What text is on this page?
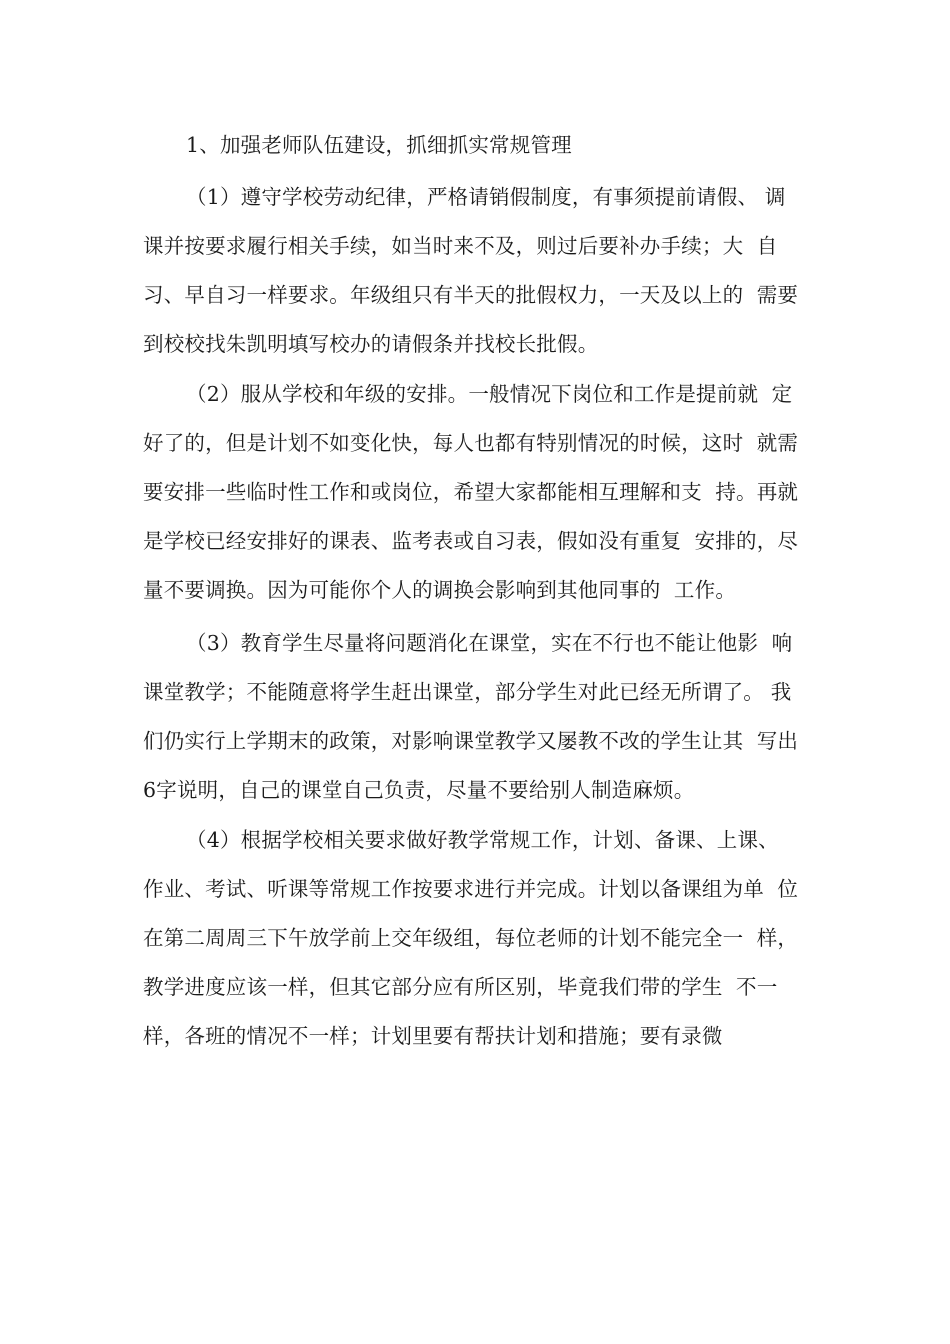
1、加强老师队伍建设，抓细抓实常规管理
（1）遵守学校劳动纪律，严格请销假制度，有事须提前请假、 调
课并按要求履行相关手续，如当时来不及，则过后要补办手续；大  自
习、早自习一样要求。年级组只有半天的批假权力，一天及以上的  需要
到校校找朱凯明填写校办的请假条并找校长批假。
（2）服从学校和年级的安排。一般情况下岗位和工作是提前就  定
好了的，但是计划不如变化快，每人也都有特别情况的时候，这时  就需
要安排一些临时性工作和或岗位，希望大家都能相互理解和支  持。再就
是学校已经安排好的课表、监考表或自习表，假如没有重复  安排的，尽
量不要调换。因为可能你个人的调换会影响到其他同事的  工作。
（3）教育学生尽量将问题消化在课堂，实在不行也不能让他影  响
课堂教学；不能随意将学生赶出课堂，部分学生对此已经无所谓了。 我
们仍实行上学期末的政策，对影响课堂教学又屡教不改的学生让其  写出
6字说明，自己的课堂自己负责，尽量不要给别人制造麻烦。
（4）根据学校相关要求做好教学常规工作，计划、备课、上课、
作业、考试、听课等常规工作按要求进行并完成。计划以备课组为单  位
在第二周周三下午放学前上交年级组，每位老师的计划不能完全一  样，
教学进度应该一样，但其它部分应有所区别，毕竟我们带的学生  不一
样，各班的情况不一样；计划里要有帮扶计划和措施；要有录微
